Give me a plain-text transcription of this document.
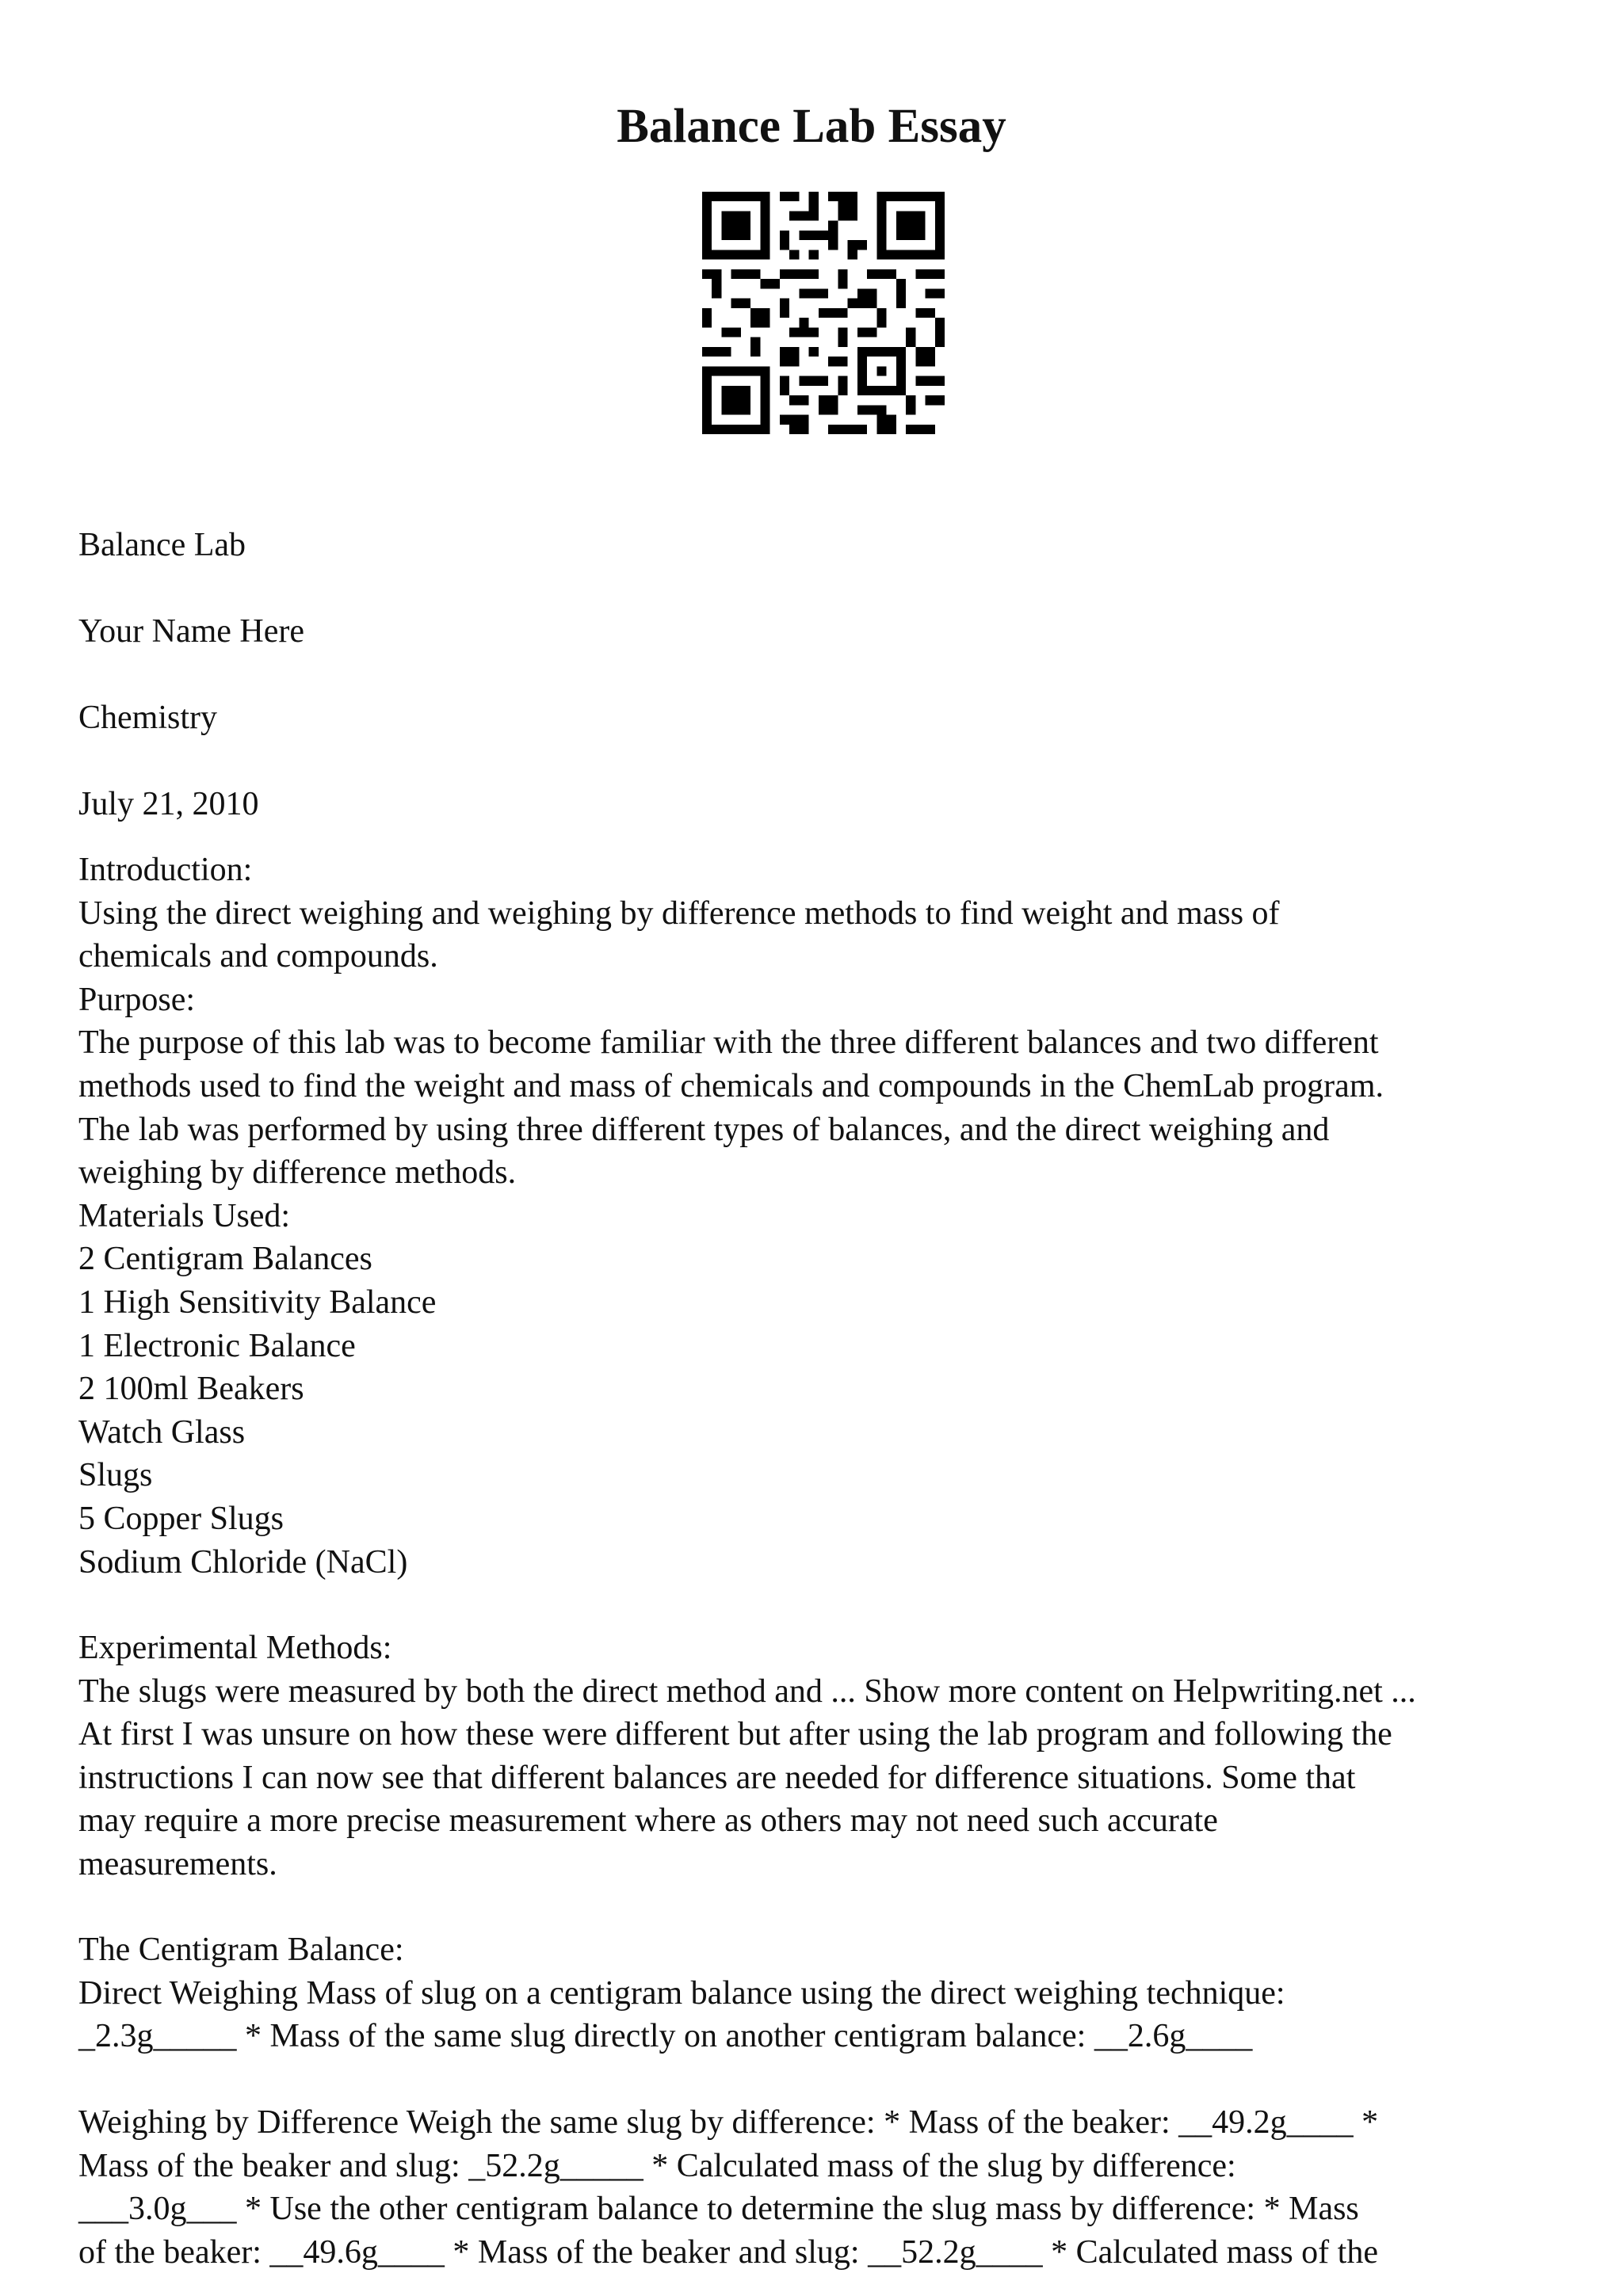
Balance Lab Essay
Balance Lab
Your Name Here
Chemistry
July 21, 2010
Introduction:
Using the direct weighing and weighing by difference methods to find weight and mass of
chemicals and compounds.
Purpose:
The purpose of this lab was to become familiar with the three different balances and two different
methods used to find the weight and mass of chemicals and compounds in the ChemLab program.
The lab was performed by using three different types of balances, and the direct weighing and
weighing by difference methods.
Materials Used:
2 Centigram Balances
1 High Sensitivity Balance
1 Electronic Balance
2 100ml Beakers
Watch Glass
Slugs
5 Copper Slugs
Sodium Chloride (NaCl)
Experimental Methods:
The slugs were measured by both the direct method and ... Show more content on Helpwriting.net ...
At first I was unsure on how these were different but after using the lab program and following the
instructions I can now see that different balances are needed for difference situations. Some that
may require a more precise measurement where as others may not need such accurate
measurements.
The Centigram Balance:
Direct Weighing Mass of slug on a centigram balance using the direct weighing technique:
_2.3g_____ * Mass of the same slug directly on another centigram balance: __2.6g____
Weighing by Difference Weigh the same slug by difference: * Mass of the beaker: __49.2g____ *
Mass of the beaker and slug: _52.2g_____ * Calculated mass of the slug by difference:
___3.0g___ * Use the other centigram balance to determine the slug mass by difference: * Mass
of the beaker: __49.6g____ * Mass of the beaker and slug: __52.2g____ * Calculated mass of the
